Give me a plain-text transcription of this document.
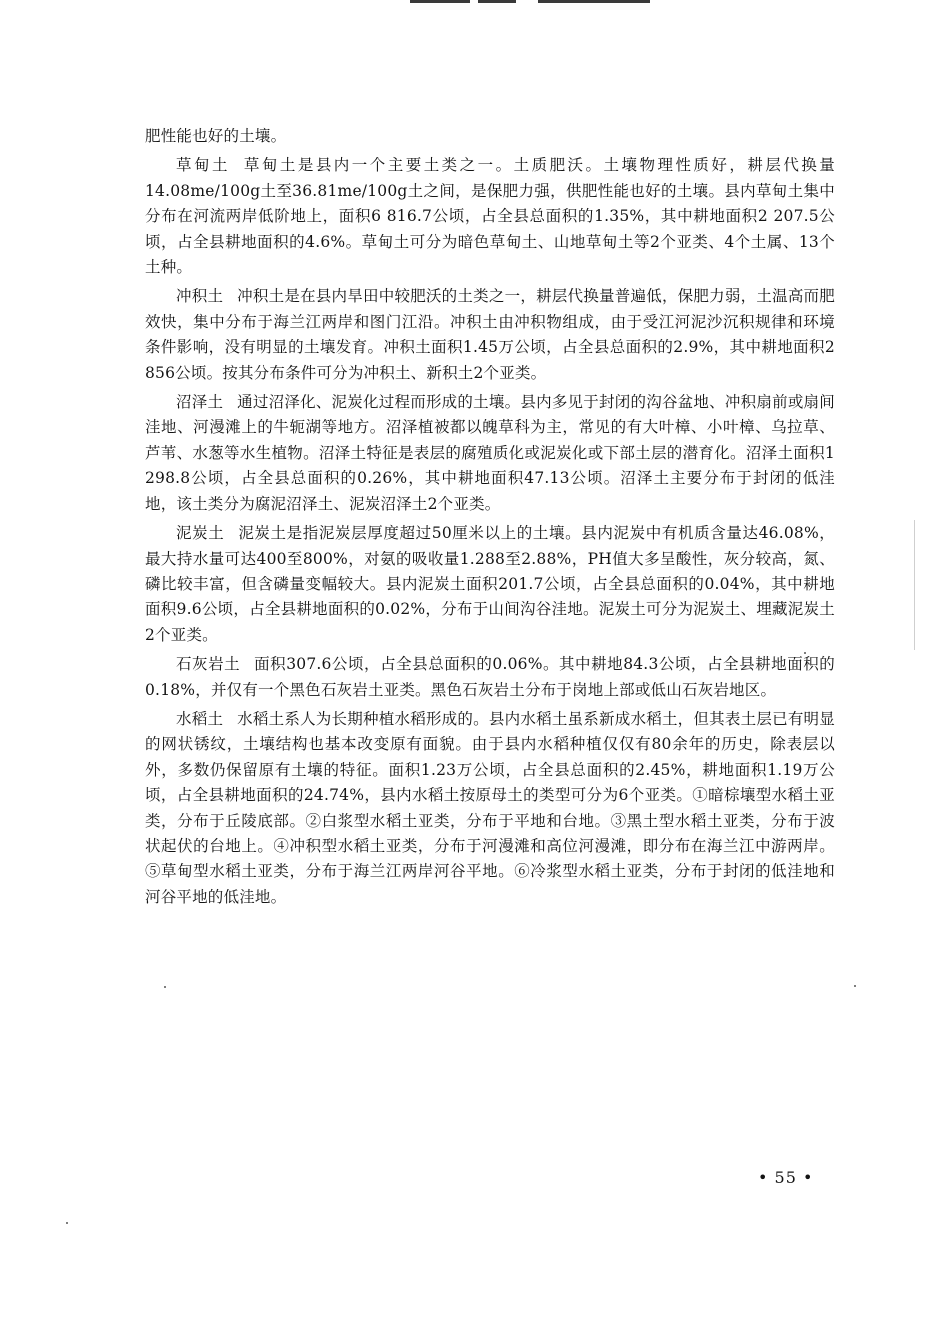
肥性能也好的土壤。

草甸土 草甸土是县内一个主要土类之一。土质肥沃。土壤物理性质好，耕层代换量14.08me/100g土至36.81me/100g土之间，是保肥力强，供肥性能也好的土壤。县内草甸土集中分布在河流两岸低阶地上，面积6 816.7公顷，占全县总面积的1.35%，其中耕地面积2 207.5公顷，占全县耕地面积的4.6%。草甸土可分为暗色草甸土、山地草甸土等2个亚类、4个土属、13个土种。

冲积土 冲积土是在县内旱田中较肥沃的土类之一，耕层代换量普遍低，保肥力弱，土温高而肥效快，集中分布于海兰江两岸和图门江沿。冲积土由冲积物组成，由于受江河泥沙沉积规律和环境条件影响，没有明显的土壤发育。冲积土面积1.45万公顷，占全县总面积的2.9%，其中耕地面积2 856公顷。按其分布条件可分为冲积土、新积土2个亚类。

沼泽土 通过沼泽化、泥炭化过程而形成的土壤。县内多见于封闭的沟谷盆地、冲积扇前或扇间洼地、河漫滩上的牛轭湖等地方。沼泽植被都以魄草科为主，常见的有大叶樟、小叶樟、乌拉草、芦苇、水葱等水生植物。沼泽土特征是表层的腐殖质化或泥炭化或下部土层的潜育化。沼泽土面积1 298.8公顷，占全县总面积的0.26%，其中耕地面积47.13公顷。沼泽土主要分布于封闭的低洼地，该土类分为腐泥沼泽土、泥炭沼泽土2个亚类。

泥炭土 泥炭土是指泥炭层厚度超过50厘米以上的土壤。县内泥炭中有机质含量达46.08%，最大持水量可达400至800%，对氨的吸收量1.288至2.88%，PH值大多呈酸性，灰分较高，氮、磷比较丰富，但含磷量变幅较大。县内泥炭土面积201.7公顷，占全县总面积的0.04%，其中耕地面积9.6公顷，占全县耕地面积的0.02%，分布于山间沟谷洼地。泥炭土可分为泥炭土、埋藏泥炭土2个亚类。

石灰岩土 面积307.6公顷，占全县总面积的0.06%。其中耕地84.3公顷，占全县耕地面积的0.18%，并仅有一个黑色石灰岩土亚类。黑色石灰岩土分布于岗地上部或低山石灰岩地区。

水稻土 水稻土系人为长期种植水稻形成的。县内水稻土虽系新成水稻土，但其表土层已有明显的网状锈纹，土壤结构也基本改变原有面貌。由于县内水稻种植仅仅有80余年的历史，除表层以外，多数仍保留原有土壤的特征。面积1.23万公顷，占全县总面积的2.45%，耕地面积1.19万公顷，占全县耕地面积的24.74%，县内水稻土按原母土的类型可分为6个亚类。①暗棕壤型水稻土亚类，分布于丘陵底部。②白浆型水稻土亚类，分布于平地和台地。③黑土型水稻土亚类，分布于波状起伏的台地上。④冲积型水稻土亚类，分布于河漫滩和高位河漫滩，即分布在海兰江中游两岸。⑤草甸型水稻土亚类，分布于海兰江两岸河谷平地。⑥冷浆型水稻土亚类，分布于封闭的低洼地和河谷平地的低洼地。

• 55 •
